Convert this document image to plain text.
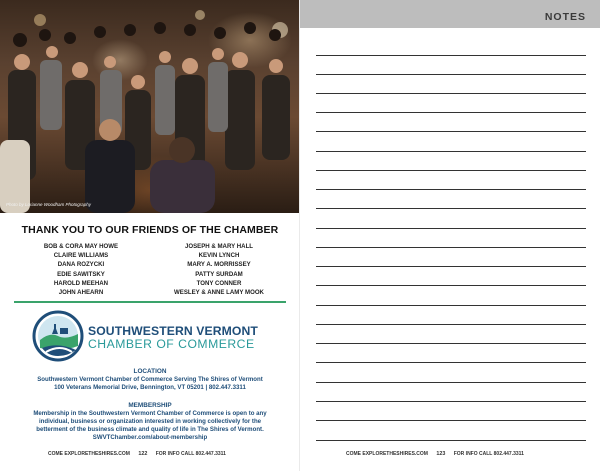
Photo by Lorianne Woodham Photography
THANK YOU TO OUR FRIENDS OF THE CHAMBER
BOB & CORA MAY HOWE
CLAIRE WILLIAMS
DANA ROZYCKI
EDIE SAWITSKY
HAROLD MEEHAN
JOHN AHEARN
JOSEPH & MARY HALL
KEVIN LYNCH
MARY A. MORRISSEY
PATTY SURDAM
TONY CONNER
WESLEY & ANNE LAMY MOOK
SOUTHWESTERN VERMONT
CHAMBER OF COMMERCE
LOCATION
Southwestern Vermont Chamber of Commerce Serving The Shires of Vermont
100 Veterans Memorial Drive, Bennington, VT 05201 | 802.447.3311
MEMBERSHIP
Membership in the Southwestern Vermont Chamber of Commerce is open to any
individual, business or organization interested in working collectively for the
betterment of the business climate and quality of life in The Shires of Vermont.
SWVTChamber.com/about-membership
COME EXPLORETHESHIRES.COM 122 FOR INFO CALL 802.447.3311
NOTES
COME EXPLORETHESHIRES.COM 123 FOR INFO CALL 802.447.3311
